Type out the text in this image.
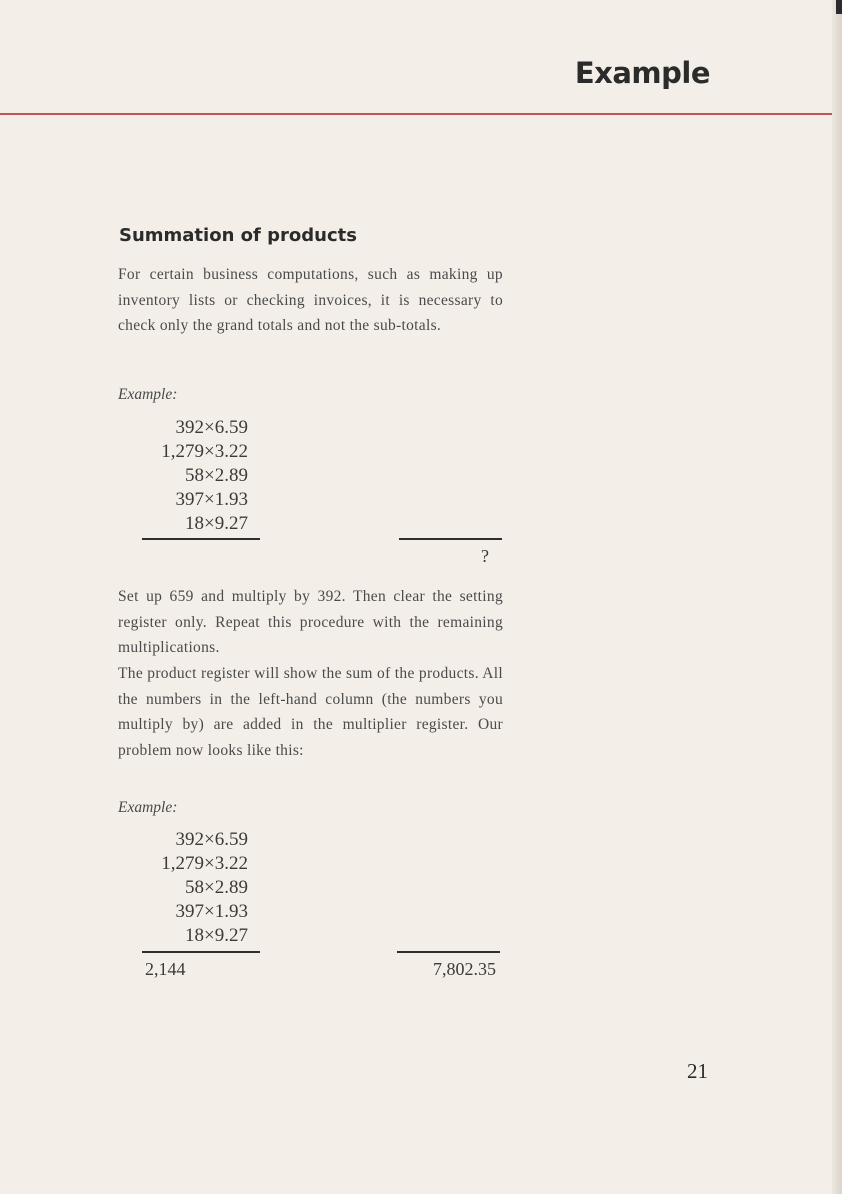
Example
Summation of products

For certain business computations, such as making up inventory lists or checking invoices, it is necessary to check only the grand totals and not the sub-totals.

Example:
392×6.59
1,279×3.22
58×2.89
397×1.93
18×9.27
?

Set up 659 and multiply by 392. Then clear the setting register only. Repeat this procedure with the remaining multiplications.

The product register will show the sum of the products. All the numbers in the left-hand column (the numbers you multiply by) are added in the multiplier register. Our problem now looks like this:

Example:
392×6.59
1,279×3.22
58×2.89
397×1.93
18×9.27
2,144	7,802.35
21
